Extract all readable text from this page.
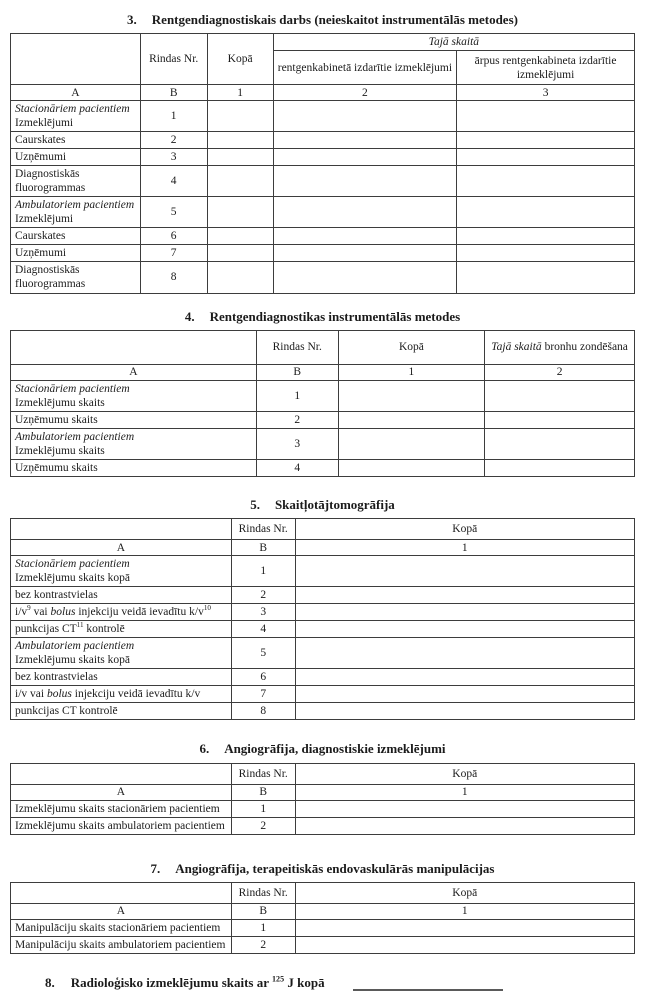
3. Rentgendiagnostiskais darbs (neieskaitot instrumentālās metodes)
	Rindas Nr.	Kopā	Tajā skaitā	
			rentgenkabinetā izdarītie izmeklējumi	ārpus rentgenkabineta izdarītie izmeklējumi
A	B	1	2	3
Stacionāriem pacientiem
Izmeklējumi	1			
Caurskates	2			
Uzņēmumi	3			
Diagnostiskās
fluorogrammas	4			
Ambulatoriem pacientiem
Izmeklējumi	5			
Caurskates	6			
Uzņēmumi	7			
Diagnostiskās
fluorogrammas	8			
4. Rentgendiagnostikas instrumentālās metodes
	Rindas Nr.	Kopā	Tajā skaitā bronhu zondēšana
A	B	1	2
Stacionāriem pacientiem
Izmeklējumu skaits	1		
Uzņēmumu skaits	2		
Ambulatoriem pacientiem
Izmeklējumu skaits	3		
Uzņēmumu skaits	4		
5. Skaitļotājtomogrāfija
	Rindas Nr.	Kopā
A	B	1
Stacionāriem pacientiem
Izmeklējumu skaits kopā	1	
bez kontrastvielas	2	
$i/v^9$ vai bolus injekciju veidā ievadītu $k/v^{10}$	3	
punkcijas CT$^{11}$ kontrolē	4	
Ambulatoriem pacientiem
Izmeklējumu skaits kopā	5	
bez kontrastvielas	6	
i/v vai bolus injekciju veidā ievadītu k/v	7	
punkcijas CT kontrolē	8	
6. Angiogrāfija, diagnostiskie izmeklējumi
	Rindas Nr.	Kopā
A	B	1
Izmeklējumu skaits stacionāriem pacientiem	1	
Izmeklējumu skaits ambulatoriem pacientiem	2	
7. Angiogrāfija, terapeitiskās endovaskulārās manipulācijas
	Rindas Nr.	Kopā
A	B	1
Manipulāciju skaits stacionāriem pacientiem	1	
Manipulāciju skaits ambulatoriem pacientiem	2	
8. Radioloģisko izmeklējumu skaits ar $^{125}$ J kopā
